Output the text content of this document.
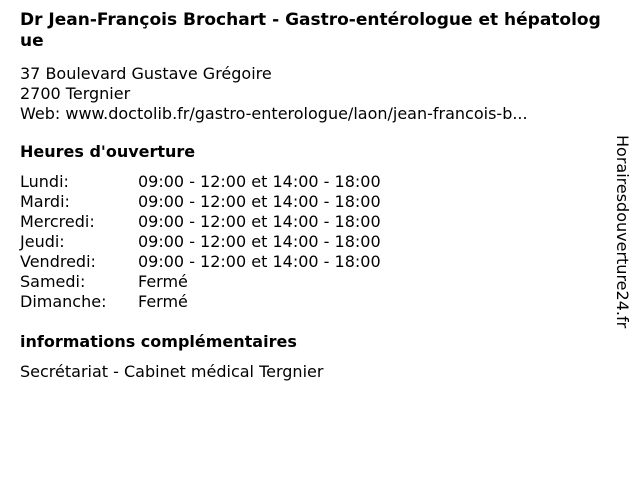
Dr Jean-François Brochart - Gastro-entérologue et hépatologue
37 Boulevard Gustave Grégoire
2700 Tergnier
Web: www.doctolib.fr/gastro-enterologue/laon/jean-francois-b...
Heures d'ouverture
Lundi:	09:00 - 12:00 et 14:00 - 18:00
Mardi:	09:00 - 12:00 et 14:00 - 18:00
Mercredi:	09:00 - 12:00 et 14:00 - 18:00
Jeudi:	09:00 - 12:00 et 14:00 - 18:00
Vendredi:	09:00 - 12:00 et 14:00 - 18:00
Samedi:	Fermé
Dimanche:	Fermé
informations complémentaires
Secrétariat - Cabinet médical Tergnier
Horairesdouverture24.fr
